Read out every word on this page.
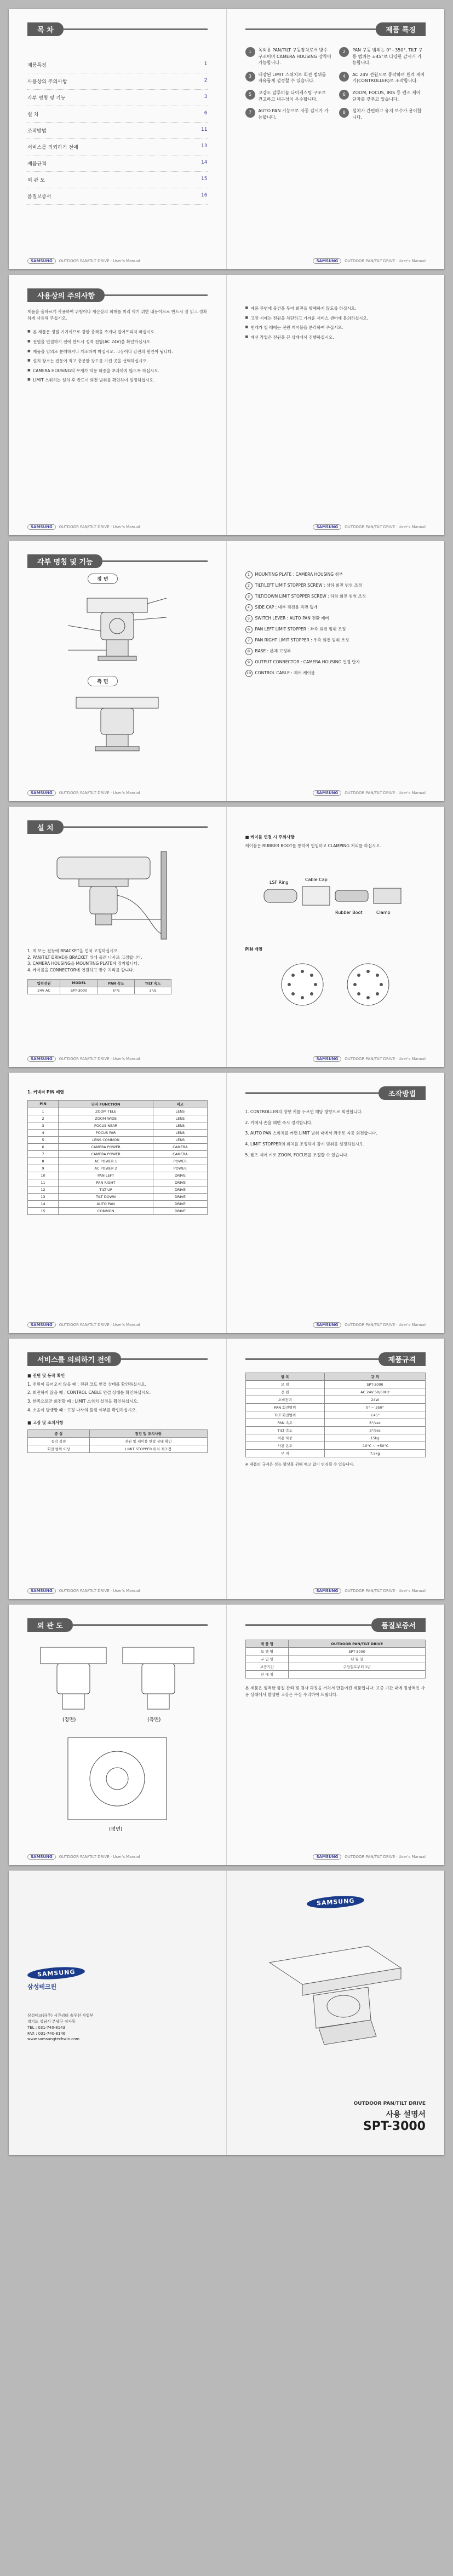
목 차
제품특징	1
사용상의 주의사항	2
각부 명칭 및 기능	3
설 치	6
조작방법	11
서비스를 의뢰하기 전에	13
제품규격	14
외 관 도	15
품질보증서	16
SAMSUNG	OUTDOOR PAN/TILT DRIVE · User's Manual
제품 특징
1	옥외용 PAN/TILT 구동장치로서 방수 구조이며 CAMERA HOUSING 장착이 가능합니다.
2	PAN 구동 범위는 0°~350°, TILT 구동 범위는 ±45°로 다양한 감시가 가능합니다.
3	내장된 LIMIT 스위치로 회전 범위를 자유롭게 설정할 수 있습니다.
4	AC 24V 전원으로 동작하며 원격 제어기(CONTROLLER)로 조작합니다.
5	고강도 알루미늄 다이캐스팅 구조로 견고하고 내구성이 우수합니다.
6	ZOOM, FOCUS, IRIS 등 렌즈 제어 단자를 갖추고 있습니다.
7	AUTO PAN 기능으로 자동 감시가 가능합니다.
8	설치가 간편하고 유지 보수가 용이합니다.
SAMSUNG	OUTDOOR PAN/TILT DRIVE · User's Manual
사용상의 주의사항
제품을 올바르게 사용하여 위험이나 재산상의 피해를 미리 막기 위한 내용이므로 반드시 잘 읽고 정확하게 사용해 주십시오.

■ 본 제품은 정밀 기기이므로 강한 충격을 주거나 떨어뜨리지 마십시오.

■ 전원을 연결하기 전에 반드시 정격 전압(AC 24V)을 확인하십시오.

■ 제품을 임의로 분해하거나 개조하지 마십시오. 고장이나 감전의 원인이 됩니다.

■ 설치 장소는 진동이 적고 충분한 강도를 가진 곳을 선택하십시오.

■ CAMERA HOUSING의 무게가 허용 하중을 초과하지 않도록 하십시오.

■ LIMIT 스위치는 설치 후 반드시 회전 범위를 확인하여 설정하십시오.

SAMSUNG	OUTDOOR PAN/TILT DRIVE · User's Manual

■ 제품 주변에 물건을 두어 회전을 방해하지 않도록 하십시오.

■ 고장 시에는 전원을 차단하고 가까운 서비스 센터에 문의하십시오.

■ 번개가 칠 때에는 전원 케이블을 분리하여 주십시오.

■ 배선 작업은 전원을 끈 상태에서 진행하십시오.

SAMSUNG	OUTDOOR PAN/TILT DRIVE · User's Manual
각부 명칭 및 기능
정 면
측 면
SAMSUNG	OUTDOOR PAN/TILT DRIVE · User's Manual

1	MOUNTING PLATE : CAMERA HOUSING 취부

2	TILT/LEFT LIMIT STOPPER SCREW : 상하 회전 범위 조정

3	TILT/DOWN LIMIT STOPPER SCREW : 하향 회전 범위 조정

4	SIDE CAP : 내부 점검용 측면 덮개

5	SWITCH LEVER : AUTO PAN 전환 레버

6	PAN LEFT LIMIT STOPPER : 좌측 회전 범위 조정

7	PAN RIGHT LIMIT STOPPER : 우측 회전 범위 조정

8	BASE : 본체 고정부

9	OUTPUT CONNECTOR : CAMERA HOUSING 연결 단자

10 CONTROL CABLE : 제어 케이블

SAMSUNG	OUTDOOR PAN/TILT DRIVE · User's Manual
설 치

1. 벽 또는 천장에 BRACKET을 먼저 고정하십시오.

2. PAN/TILT DRIVE를 BRACKET 위에 올려 나사로 고정합니다.

3. CAMERA HOUSING을 MOUNTING PLATE에 장착합니다.

4. 케이블을 CONNECTOR에 연결하고 방수 처리를 합니다.

입력전원	MODEL	PAN 속도	TILT 속도
24V AC	SPT-3000	6°/s	3°/s
SAMSUNG	OUTDOOR PAN/TILT DRIVE · User's Manual
■ 케이블 연결 시 주의사항
케이블은 RUBBER BOOT를 통하여 인입하고 CLAMPING 처리를 하십시오.
LSF Ring
Cable Cap
Rubber Boot	Clamp
PIN 배열
SAMSUNG	OUTDOOR PAN/TILT DRIVE · User's Manual
1. 커넥터 PIN 배열
PIN	단자 FUNCTION	비고
1	ZOOM TELE	LENS
2	ZOOM WIDE	LENS
3	FOCUS NEAR	LENS
4	FOCUS FAR	LENS
5	LENS COMMON	LENS
6	CAMERA POWER	CAMERA
7	CAMERA POWER	CAMERA
8	AC POWER 1	POWER
9	AC POWER 2	POWER
10	PAN LEFT	DRIVE
11	PAN RIGHT	DRIVE
12	TILT UP	DRIVE
13	TILT DOWN	DRIVE
14	AUTO PAN	DRIVE
15	COMMON	DRIVE
SAMSUNG	OUTDOOR PAN/TILT DRIVE · User's Manual
조작방법

1. CONTROLLER의 방향 키를 누르면 해당 방향으로 회전합니다.

2. 키에서 손을 떼면 즉시 정지합니다.

3. AUTO PAN 스위치를 켜면 LIMIT 범위 내에서 좌우로 자동 회전합니다.

4. LIMIT STOPPER의 위치를 조정하여 감시 범위를 설정하십시오.

5. 렌즈 제어 키로 ZOOM, FOCUS를 조절할 수 있습니다.

SAMSUNG	OUTDOOR PAN/TILT DRIVE · User's Manual
서비스를 의뢰하기 전에
■ 전원 및 동작 확인

1. 전원이 들어오지 않을 때 : 전원 코드 연결 상태를 확인하십시오.

2. 회전하지 않을 때 : CONTROL CABLE 연결 상태를 확인하십시오.

3. 한쪽으로만 회전할 때 : LIMIT 스위치 설정을 확인하십시오.

4. 소음이 발생할 때 : 고정 나사의 풀림 여부를 확인하십시오.

■ 고장 및 조치사항
증 상	점검 및 조치사항
동작 불량	전원 및 케이블 연결 상태 확인
회전 범위 이상	LIMIT STOPPER 위치 재조정
SAMSUNG	OUTDOOR PAN/TILT DRIVE · User's Manual
제품규격
항 목	규 격
모 델	SPT-3000
전 원	AC 24V 50/60Hz
소비전력	24W
PAN 회전범위	0° ~ 350°
TILT 회전범위	±45°
PAN 속도	6°/sec
TILT 속도	3°/sec
허용 하중	15kg
사용 온도	-10°C ~ +50°C
무 게	7.5kg
※ 제품의 규격은 성능 향상을 위해 예고 없이 변경될 수 있습니다.
SAMSUNG	OUTDOOR PAN/TILT DRIVE · User's Manual
외 관 도
(정면)	(측면)
(평면)
SAMSUNG	OUTDOOR PAN/TILT DRIVE · User's Manual
품질보증서
제 품 명	OUTDOOR PAN/TILT DRIVE
모 델 명	SPT-3000
구 입 일	년 월 일
보증기간	구입일로부터 1년
판 매 점	
본 제품은 엄격한 품질 관리 및 검사 과정을 거쳐서 만들어진 제품입니다. 보증 기간 내에 정상적인 사용 상태에서 발생한 고장은 무상 수리하여 드립니다.
SAMSUNG	OUTDOOR PAN/TILT DRIVE · User's Manual
SAMSUNG
삼성테크윈

삼성테크윈(주) 시큐리티 솔루션 사업부

경기도 성남시 분당구 정자동

TEL : 031-740-8143

FAX : 031-740-8146

www.samsungtechwin.com

SAMSUNG
OUTDOOR PAN/TILT DRIVE
사용 설명서
SPT-3000
